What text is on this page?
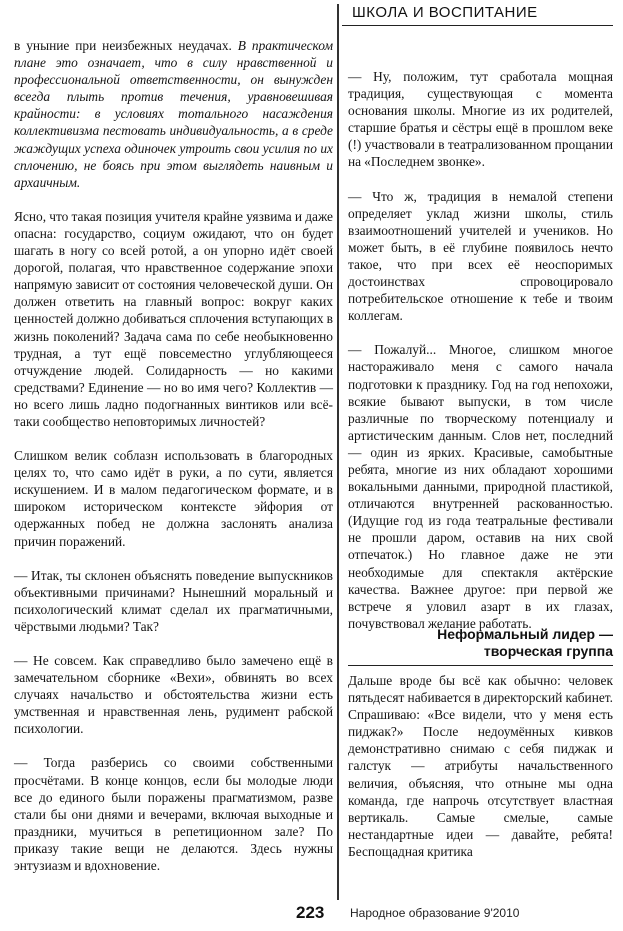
ШКОЛА И ВОСПИТАНИЕ

в уныние при неизбежных неудачах. В практическом плане это означает, что в силу нравственной и профессиональной ответственности, он вынужден всегда плыть против течения, уравновешивая крайности: в условиях тотального насаждения коллективизма пестовать индивидуальность, а в среде жаждущих успеха одиночек утроить свои усилия по их сплочению, не боясь при этом выглядеть наивным и архаичным.

Ясно, что такая позиция учителя крайне уязвима и даже опасна: государство, социум ожидают, что он будет шагать в ногу со всей ротой, а он упорно идёт своей дорогой, полагая, что нравственное содержание эпохи напрямую зависит от состояния человеческой души. Он должен ответить на главный вопрос: вокруг каких ценностей должно добиваться сплочения вступающих в жизнь поколений? Задача сама по себе необыкновенно трудная, а тут ещё повсеместно углубляющееся отчуждение людей. Солидарность — но какими средствами? Единение — но во имя чего? Коллектив — но всего лишь ладно подогнанных винтиков или всё-таки сообщество неповторимых личностей?

Слишком велик соблазн использовать в благородных целях то, что само идёт в руки, а по сути, является искушением. И в малом педагогическом формате, и в широком историческом контексте эйфория от одержанных побед не должна заслонять анализа причин поражений.

— Итак, ты склонен объяснять поведение выпускников объективными причинами? Нынешний моральный и психологический климат сделал их прагматичными, чёрствыми людьми? Так?

— Не совсем. Как справедливо было замечено ещё в замечательном сборнике «Вехи», обвинять во всех случаях начальство и обстоятельства жизни есть умственная и нравственная лень, рудимент рабской психологии.

— Тогда разберись со своими собственными просчётами. В конце концов, если бы молодые люди все до единого были поражены прагматизмом, разве стали бы они днями и вечерами, включая выходные и праздники, мучиться в репетиционном зале? По приказу такие вещи не делаются. Здесь нужны энтузиазм и вдохновение.

— Ну, положим, тут сработала мощная традиция, существующая с момента основания школы. Многие из их родителей, старшие братья и сёстры ещё в прошлом веке (!) участвовали в театрализованном прощании на «Последнем звонке».

— Что ж, традиция в немалой степени определяет уклад жизни школы, стиль взаимоотношений учителей и учеников. Но может быть, в её глубине появилось нечто такое, что при всех её неоспоримых достоинствах спровоцировало потребительское отношение к тебе и твоим коллегам.

— Пожалуй... Многое, слишком многое настораживало меня с самого начала подготовки к празднику. Год на год непохожи, всякие бывают выпуски, в том числе различные по творческому потенциалу и артистическим данным. Слов нет, последний — один из ярких. Красивые, самобытные ребята, многие из них обладают хорошими вокальными данными, природной пластикой, отличаются внутренней раскованностью. (Идущие год из года театральные фестивали не прошли даром, оставив на них свой отпечаток.) Но главное даже не эти необходимые для спектакля актёрские качества. Важнее другое: при первой же встрече я уловил азарт в их глазах, почувствовал желание работать.

Неформальный лидер —

творческая группа

Дальше вроде бы всё как обычно: человек пятьдесят набивается в директорский кабинет. Спрашиваю: «Все видели, что у меня есть пиджак?» После недоумённых кивков демонстративно снимаю с себя пиджак и галстук — атрибуты начальственного величия, объясняя, что отныне мы одна команда, где напрочь отсутствует властная вертикаль. Самые смелые, самые нестандартные идеи — давайте, ребята! Беспощадная критика

223 Народное образование 9'2010
